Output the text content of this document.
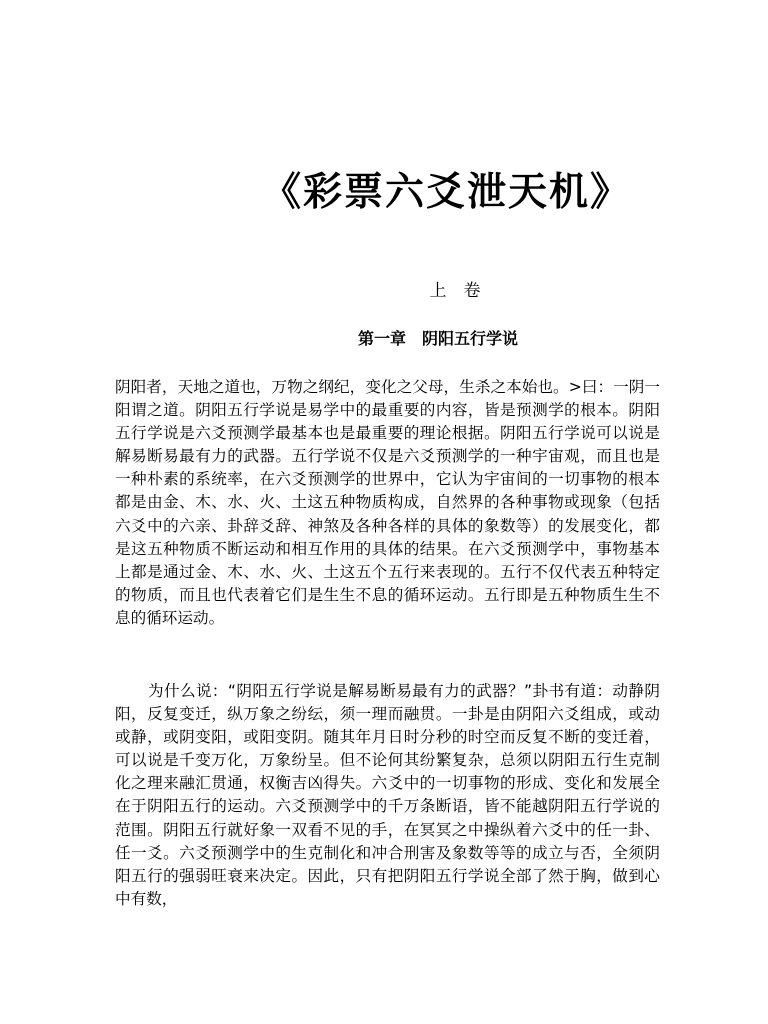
《彩票六爻泄天机》
上　卷
第一章　阴阳五行学说

阴阳者，天地之道也，万物之纲纪，变化之父母，生杀之本始也。>曰：一阴一阳谓之道。阴阳五行学说是易学中的最重要的内容，皆是预测学的根本。阴阳五行学说是六爻预测学最基本也是最重要的理论根据。阴阳五行学说可以说是解易断易最有力的武器。五行学说不仅是六爻预测学的一种宇宙观，而且也是一种朴素的系统率，在六爻预测学的世界中，它认为宇宙间的一切事物的根本都是由金、木、水、火、土这五种物质构成，自然界的各种事物或现象（包括六爻中的六亲、卦辞爻辞、神煞及各种各样的具体的象数等）的发展变化，都是这五种物质不断运动和相互作用的具体的结果。在六爻预测学中，事物基本上都是通过金、木、水、火、土这五个五行来表现的。五行不仅代表五种特定的物质，而且也代表着它们是生生不息的循环运动。五行即是五种物质生生不息的循环运动。

为什么说：“阴阳五行学说是解易断易最有力的武器？”卦书有道：动静阴阳，反复变迁，纵万象之纷纭，须一理而融贯。一卦是由阴阳六爻组成，或动或静，或阴变阳，或阳变阴。随其年月日时分秒的时空而反复不断的变迁着，可以说是千变万化，万象纷呈。但不论何其纷繁复杂，总须以阴阳五行生克制化之理来融汇贯通，权衡吉凶得失。六爻中的一切事物的形成、变化和发展全在于阴阳五行的运动。六爻预测学中的千万条断语，皆不能越阴阳五行学说的范围。阴阳五行就好象一双看不见的手，在冥冥之中操纵着六爻中的任一卦、任一爻。六爻预测学中的生克制化和冲合刑害及象数等等的成立与否，全须阴阳五行的强弱旺衰来决定。因此，只有把阴阳五行学说全部了然于胸，做到心中有数，
